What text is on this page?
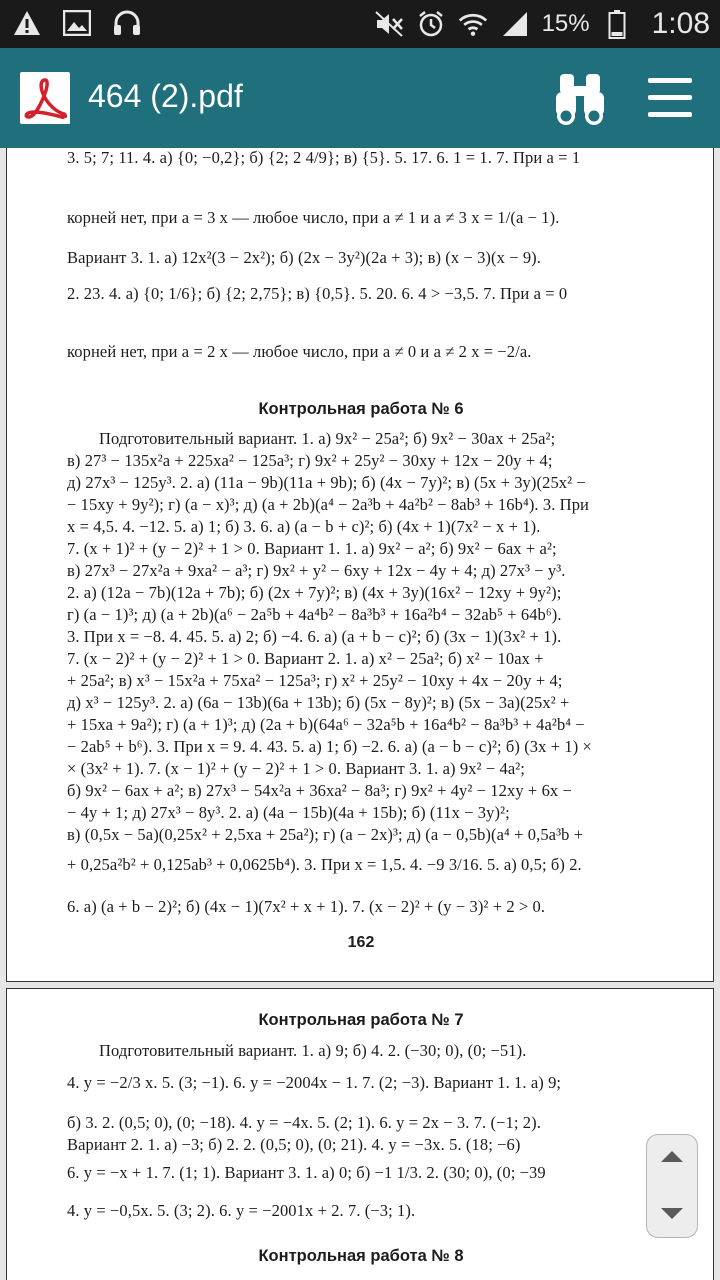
15% 1:08
464 (2).pdf
3. 5; 7; 11. 4. а) {0; −0,2}; б) {2; 2 4/9}; в) {5}. 5. 17. 6. 1 = 1. 7. При a = 1
корней нет, при a = 3 x — любое число, при a ≠ 1 и a ≠ 3 x = 1/(a − 1).
Вариант 3. 1. а) 12x²(3 − 2x²); б) (2x − 3y²)(2a + 3); в) (x − 3)(x − 9).
2. 23. 4. а) {0; 1/6}; б) {2; 2,75}; в) {0,5}. 5. 20. 6. 4 > −3,5. 7. При a = 0
корней нет, при a = 2 x — любое число, при a ≠ 0 и a ≠ 2 x = −2/a.
Контрольная работа № 6
Подготовительный вариант. 1. а) 9x² − 25a²; б) 9x² − 30ax + 25a²;
в) 27³ − 135x²a + 225xa² − 125a³; г) 9x² + 25y² − 30xy + 12x − 20y + 4;
д) 27x³ − 125y³. 2. а) (11a − 9b)(11a + 9b); б) (4x − 7y)²; в) (5x + 3y)(25x² −
− 15xy + 9y²); г) (a − x)³; д) (a + 2b)(a⁴ − 2a³b + 4a²b² − 8ab³ + 16b⁴). 3. При
x = 4,5. 4. −12. 5. а) 1; б) 3. 6. а) (a − b + c)²; б) (4x + 1)(7x² − x + 1).
7. (x + 1)² + (y − 2)² + 1 > 0. Вариант 1. 1. а) 9x² − a²; б) 9x² − 6ax + a²;
в) 27x³ − 27x²a + 9xa² − a³; г) 9x² + y² − 6xy + 12x − 4y + 4; д) 27x³ − y³.
2. а) (12a − 7b)(12a + 7b); б) (2x + 7y)²; в) (4x + 3y)(16x² − 12xy + 9y²);
г) (a − 1)³; д) (a + 2b)(a⁶ − 2a⁵b + 4a⁴b² − 8a³b³ + 16a²b⁴ − 32ab⁵ + 64b⁶).
3. При x = −8. 4. 45. 5. а) 2; б) −4. 6. а) (a + b − c)²; б) (3x − 1)(3x² + 1).
7. (x − 2)² + (y − 2)² + 1 > 0. Вариант 2. 1. а) x² − 25a²; б) x² − 10ax +
+ 25a²; в) x³ − 15x²a + 75xa² − 125a³; г) x² + 25y² − 10xy + 4x − 20y + 4;
д) x³ − 125y³. 2. а) (6a − 13b)(6a + 13b); б) (5x − 8y)²; в) (5x − 3a)(25x² +
+ 15xa + 9a²); г) (a + 1)³; д) (2a + b)(64a⁶ − 32a⁵b + 16a⁴b² − 8a³b³ + 4a²b⁴ −
− 2ab⁵ + b⁶). 3. При x = 9. 4. 43. 5. а) 1; б) −2. 6. а) (a − b − c)²; б) (3x + 1) ×
× (3x² + 1). 7. (x − 1)² + (y − 2)² + 1 > 0. Вариант 3. 1. а) 9x² − 4a²;
б) 9x² − 6ax + a²; в) 27x³ − 54x²a + 36xa² − 8a³; г) 9x² + 4y² − 12xy + 6x −
− 4y + 1; д) 27x³ − 8y³. 2. а) (4a − 15b)(4a + 15b); б) (11x − 3y)²;
в) (0,5x − 5a)(0,25x² + 2,5xa + 25a²); г) (a − 2x)³; д) (a − 0,5b)(a⁴ + 0,5a³b +
+ 0,25a²b² + 0,125ab³ + 0,0625b⁴). 3. При x = 1,5. 4. −9 3/16. 5. а) 0,5; б) 2.
6. а) (a + b − 2)²; б) (4x − 1)(7x² + x + 1). 7. (x − 2)² + (y − 3)² + 2 > 0.
162
Контрольная работа № 7
Подготовительный вариант. 1. а) 9; б) 4. 2. (−30; 0), (0; −51).
4. y = −2/3 x. 5. (3; −1). 6. y = −2004x − 1. 7. (2; −3). Вариант 1. 1. а) 9;
б) 3. 2. (0,5; 0), (0; −18). 4. y = −4x. 5. (2; 1). 6. y = 2x − 3. 7. (−1; 2).
Вариант 2. 1. а) −3; б) 2. 2. (0,5; 0), (0; 21). 4. y = −3x. 5. (18; −6)
6. y = −x + 1. 7. (1; 1). Вариант 3. 1. а) 0; б) −1 1/3. 2. (30; 0), (0; −39
4. y = −0,5x. 5. (3; 2). 6. y = −2001x + 2. 7. (−3; 1).
Контрольная работа № 8
